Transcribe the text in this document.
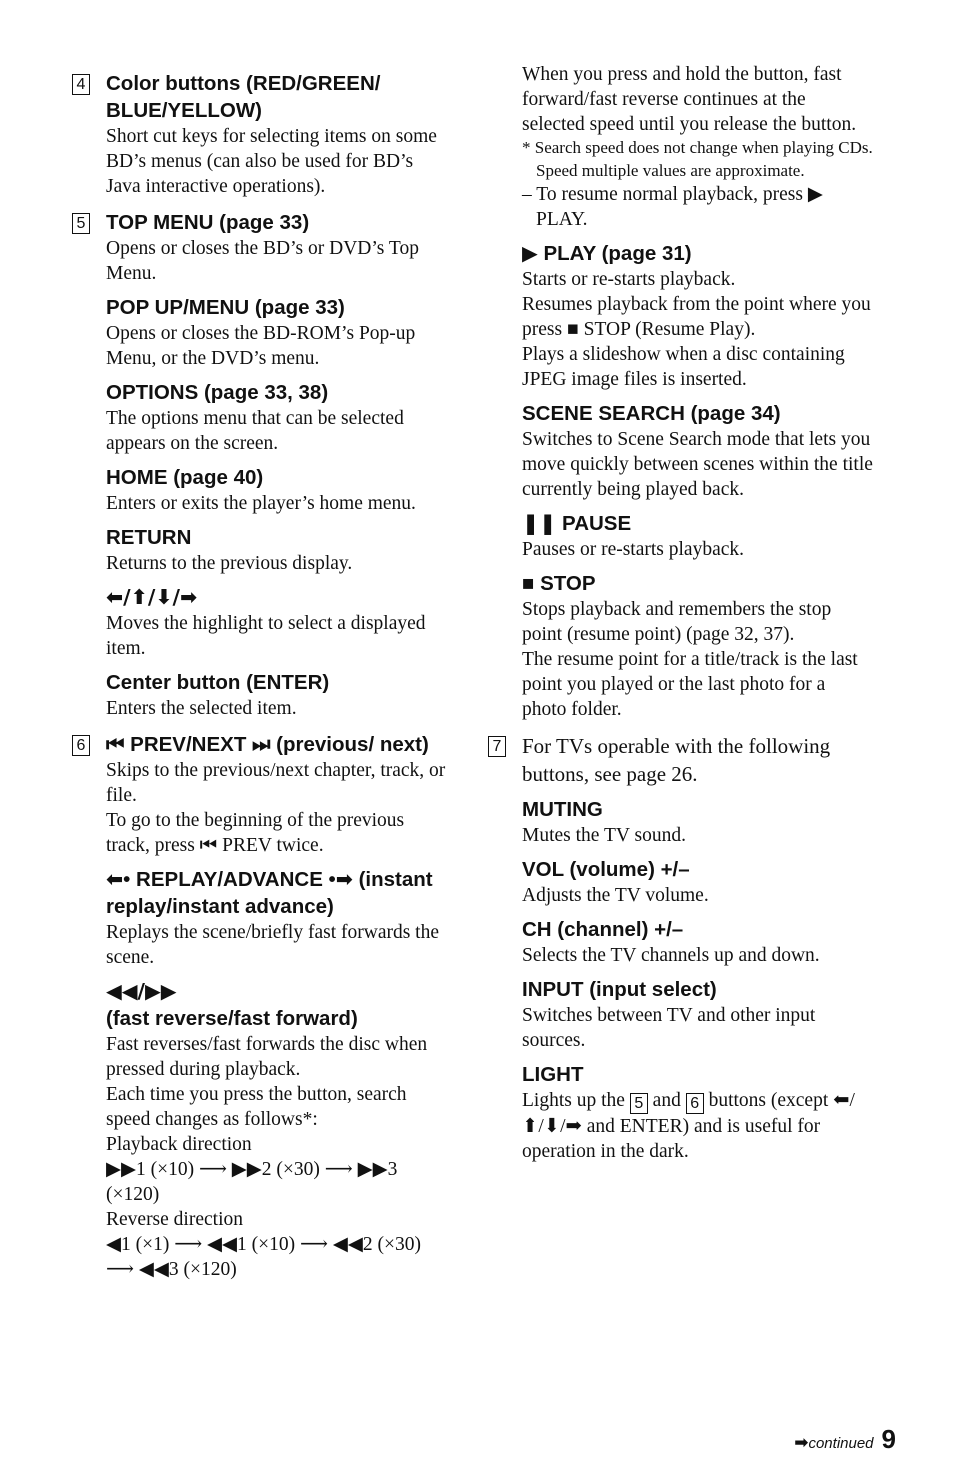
4 Color buttons (RED/GREEN/ BLUE/YELLOW)

Short cut keys for selecting items on some BD’s menus (can also be used for BD’s Java interactive operations).

5 TOP MENU (page 33)

Opens or closes the BD’s or DVD’s Top Menu.

POP UP/MENU (page 33)

Opens or closes the BD-ROM’s Pop-up Menu, or the DVD’s menu.

OPTIONS (page 33, 38)

The options menu that can be selected appears on the screen.

HOME (page 40)

Enters or exits the player’s home menu.

RETURN

Returns to the previous display.

⬅/⬆/⬇/➡

Moves the highlight to select a displayed item.

Center button (ENTER)

Enters the selected item.

6 ⏮ PREV/NEXT ⏭ (previous/ next)

Skips to the previous/next chapter, track, or file.

To go to the beginning of the previous track, press ⏮ PREV twice.

⬅• REPLAY/ADVANCE •➡ (instant replay/instant advance)

Replays the scene/briefly fast forwards the scene.

◀◀/▶▶

(fast reverse/fast forward)

Fast reverses/fast forwards the disc when pressed during playback.

Each time you press the button, search speed changes as follows*:

Playback direction

▶▶1 (×10) ⟶ ▶▶2 (×30) ⟶ ▶▶3 (×120)

Reverse direction

◀1 (×1) ⟶ ◀◀1 (×10) ⟶ ◀◀2 (×30) ⟶ ◀◀3 (×120)

When you press and hold the button, fast forward/fast reverse continues at the selected speed until you release the button.

* Search speed does not change when playing CDs.

Speed multiple values are approximate.

– To resume normal playback, press ▶ PLAY.

▶ PLAY (page 31)

Starts or re-starts playback.

Resumes playback from the point where you press ■ STOP (Resume Play).

Plays a slideshow when a disc containing JPEG image files is inserted.

SCENE SEARCH (page 34)

Switches to Scene Search mode that lets you move quickly between scenes within the title currently being played back.

❚❚ PAUSE

Pauses or re-starts playback.

■ STOP

Stops playback and remembers the stop point (resume point) (page 32, 37).

The resume point for a title/track is the last point you played or the last photo for a photo folder.

7 For TVs operable with the following buttons, see page 26.

MUTING

Mutes the TV sound.

VOL (volume) +/–

Adjusts the TV volume.

CH (channel) +/–

Selects the TV channels up and down.

INPUT (input select)

Switches between TV and other input sources.

LIGHT

Lights up the 5 and 6 buttons (except ⬅/⬆/⬇/➡ and ENTER) and is useful for operation in the dark.

➡continued 9
